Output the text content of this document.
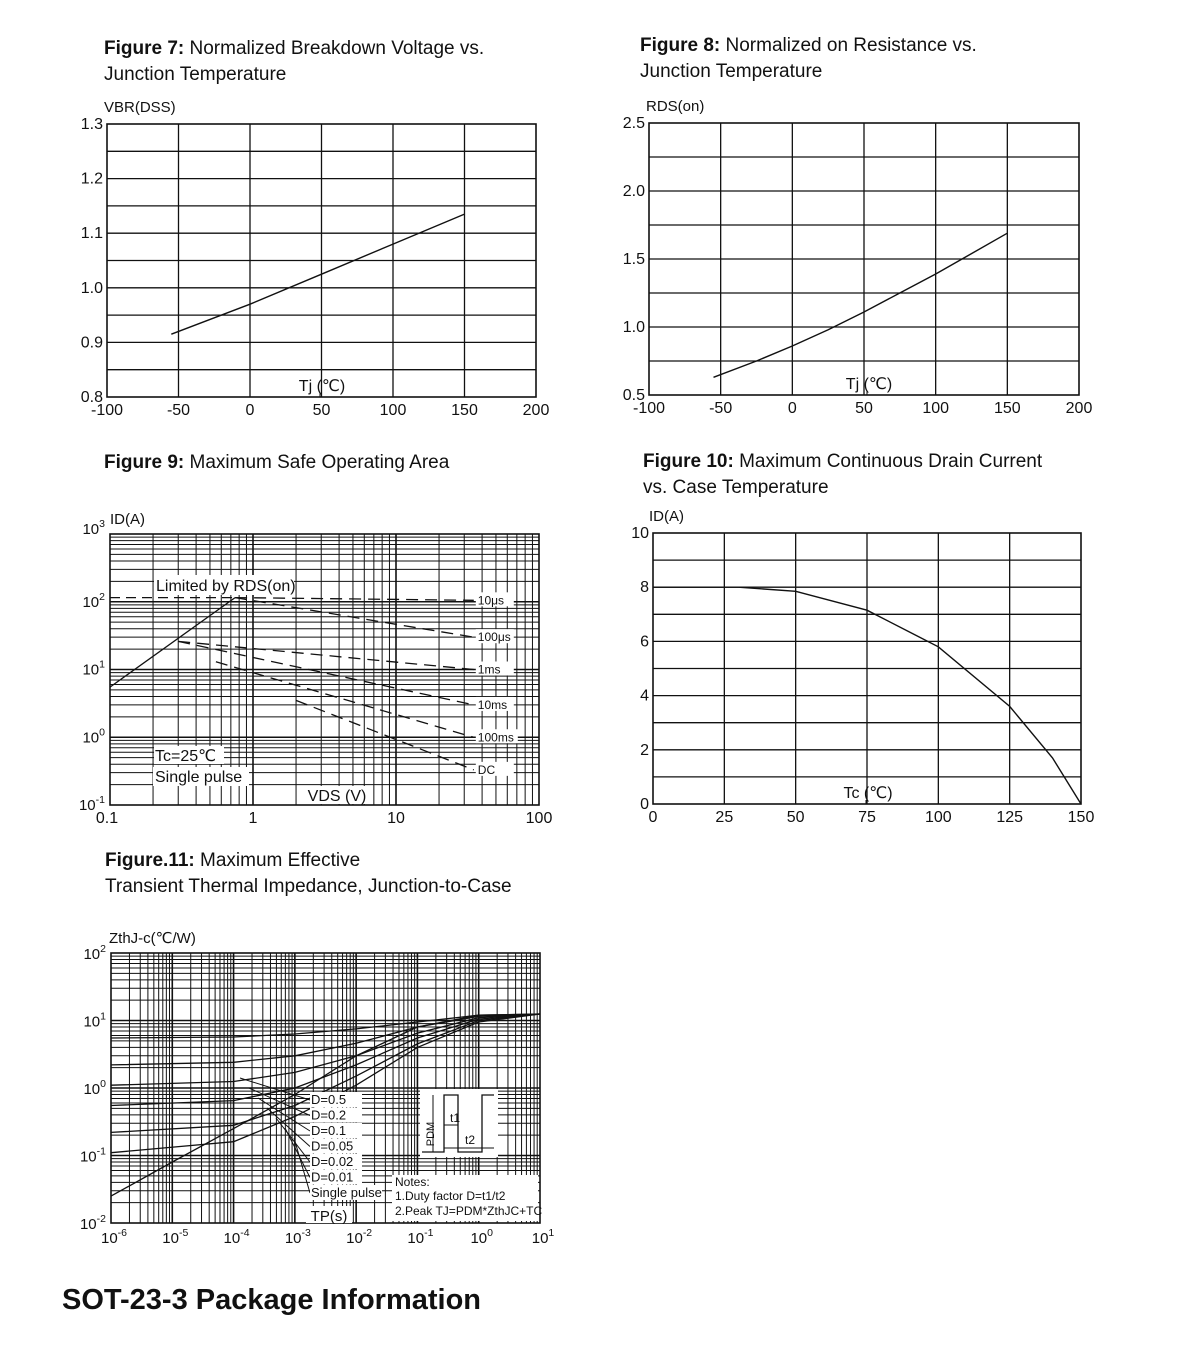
Figure 7: Normalized Breakdown Voltage vs.
Junction Temperature
Figure 8: Normalized on Resistance vs.
Junction Temperature
Figure 9: Maximum Safe Operating Area	Figure 10: Maximum Continuous Drain Current
vs. Case Temperature
Figure.11: Maximum Effective
Transient Thermal Impedance, Junction-to-Case
-100	-50	0	50	100	150	200
0.8
0.9
1.0
1.1
1.2
1.3
VBR(DSS)
Tj (℃)
-100	-50	0	50	100	150	200
0.5
1.0
1.5
2.0
2.5
RDS(on)
Tj (℃)
0	25	50	75	100	125	150
0
2
4
6
8
10
ID(A)
Tc (℃)
0.1	1	10	100
$10^{-1}$
$10^0$
$10^1$
$10^2$
$10^3$ ID(A)
10μs
100μs
1ms
10ms
100ms
DC
Limited by RDS(on)
Tc=25℃
Single pulse
VDS (V)
$10^{-6}$ $10^{-5}$ $10^{-4}$ $10^{-3}$ $10^{-2}$ $10^{-1}$ $10^0$	$10^1$
$10^{-2}$
$10^{-1}$
$10^0$
$10^1$
$10^2$
ZthJ-c(℃/W)
D=0.5
D=0.2
D=0.1
D=0.05
D=0.02
D=0.01
Single pulse
Notes:
1.Duty factor D=t1/t2
2.Peak TJ=PDM*ZthJC+TC
PDM
t1
t2
TP(s)
SOT-23-3 Package Information
